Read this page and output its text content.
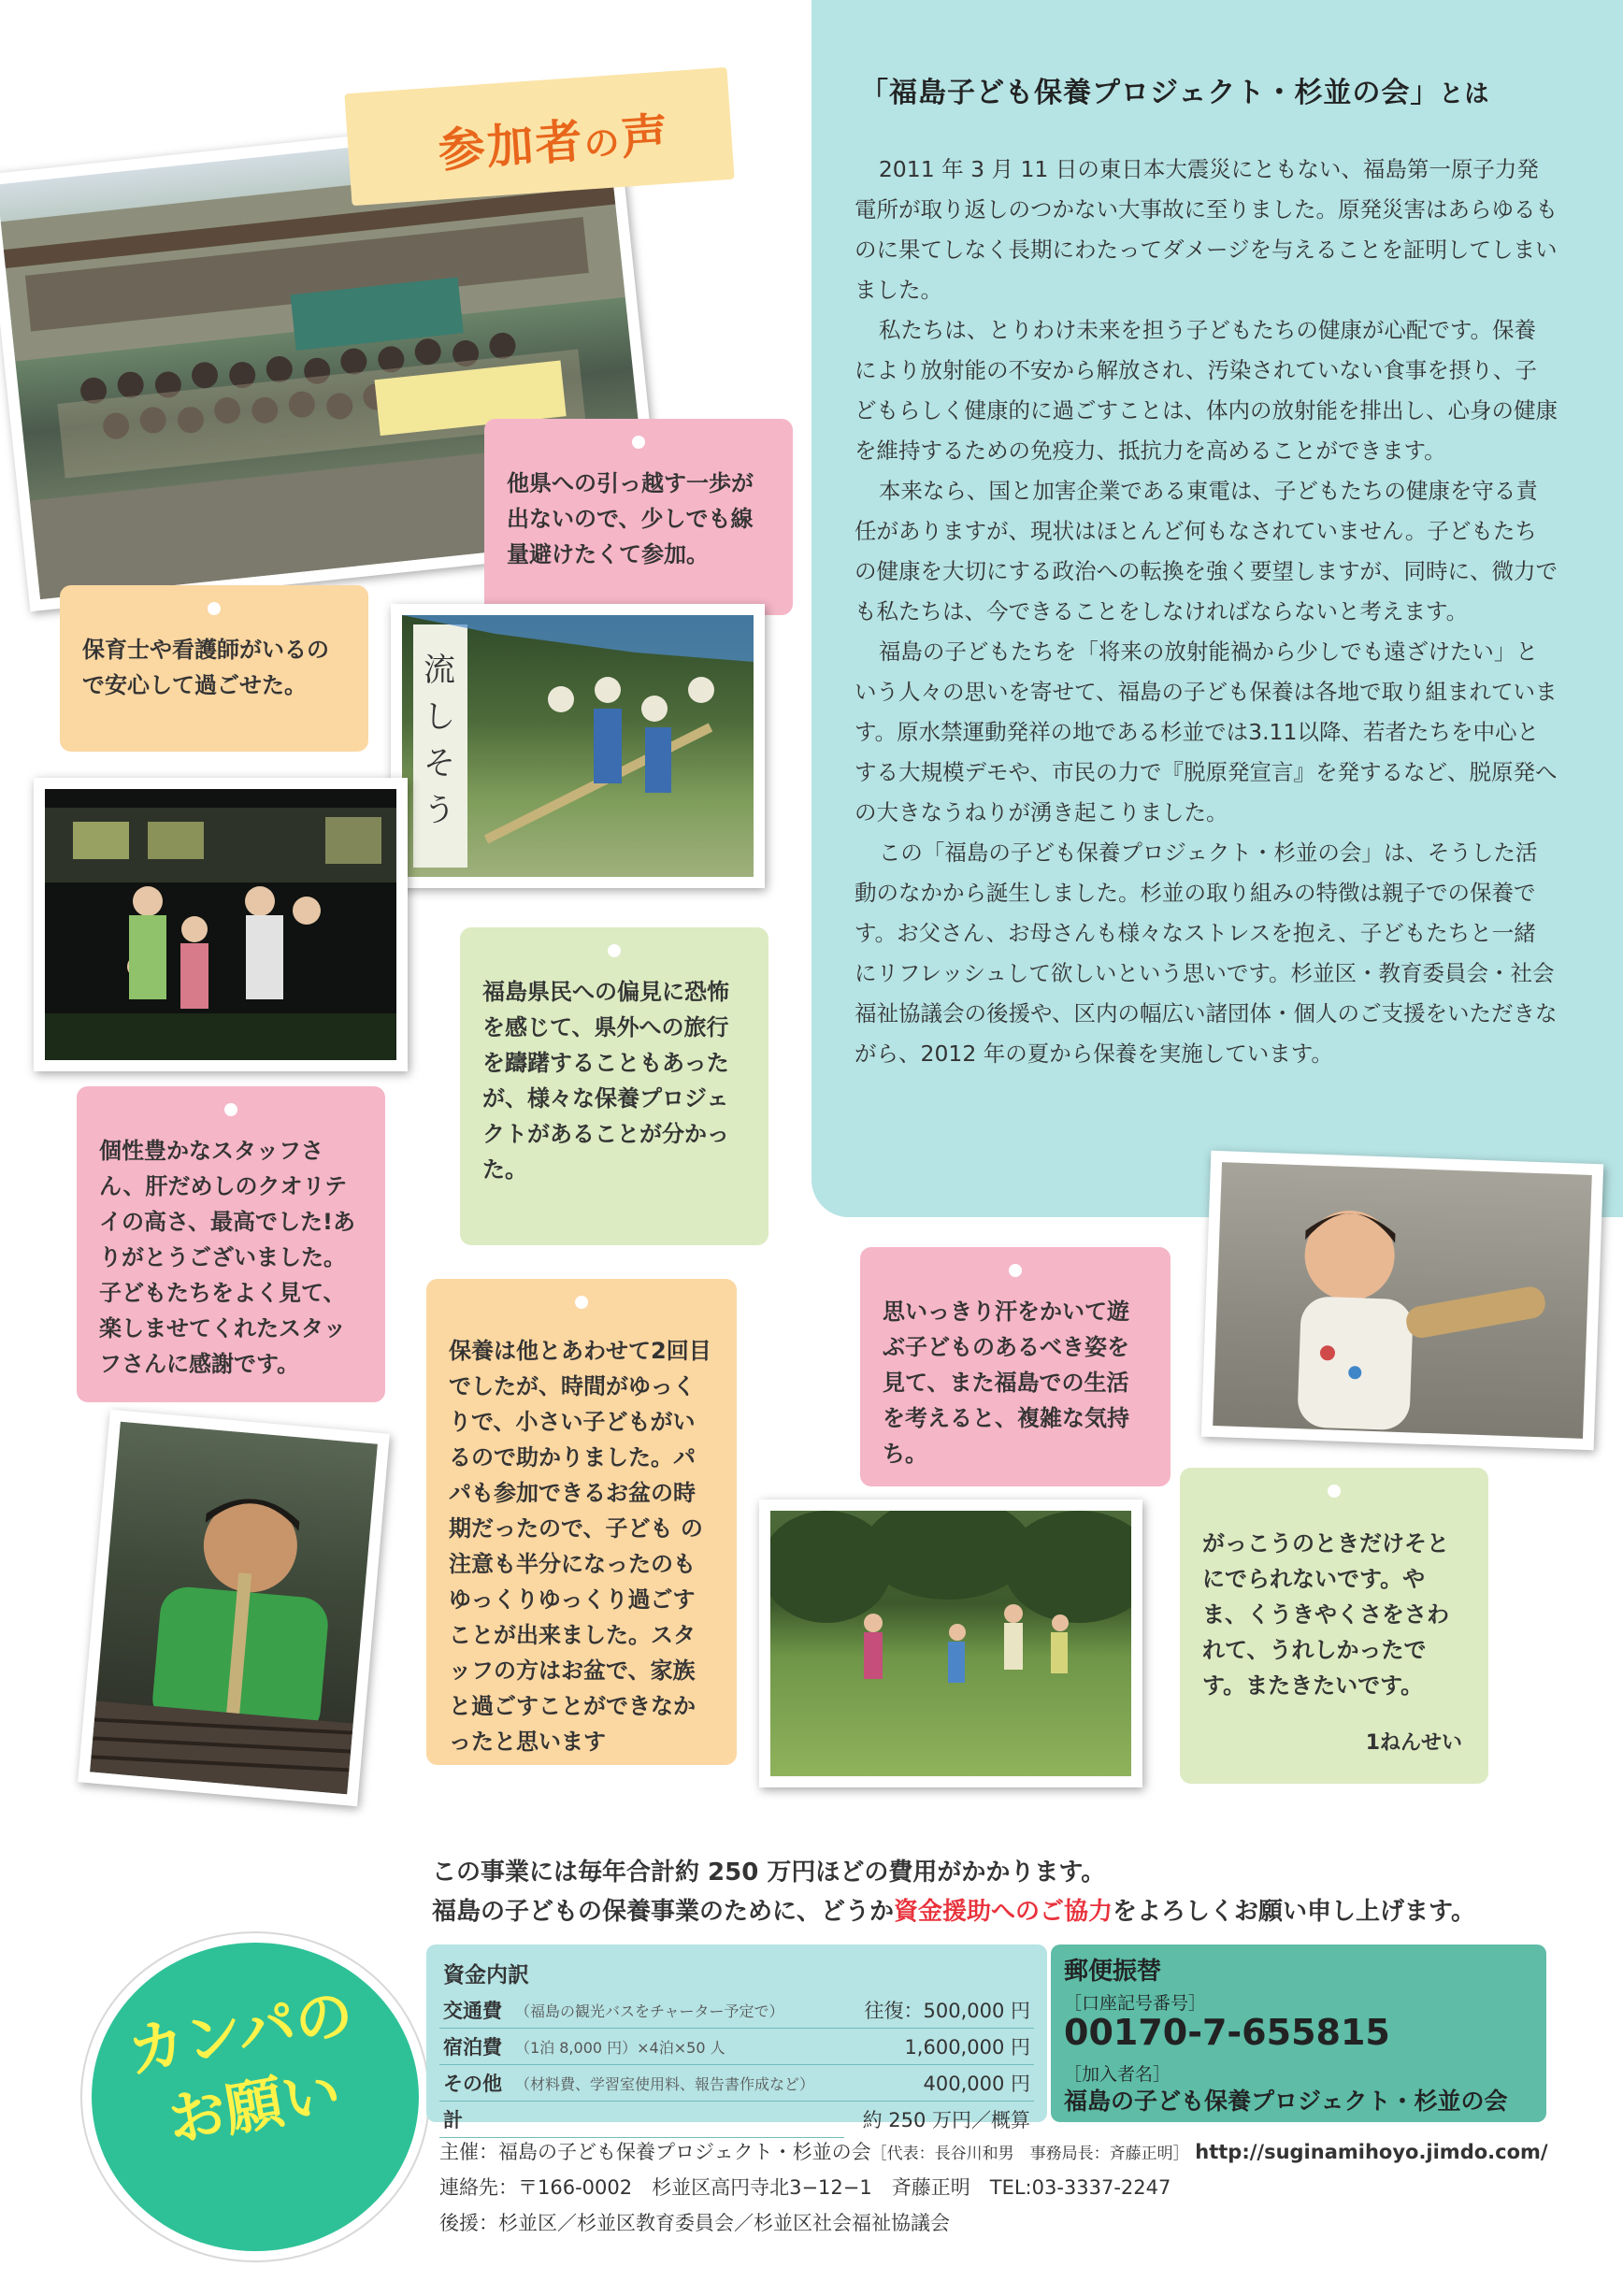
「福島子ども保養プロジェクト・杉並の会」とは

2011 年 3 月 11 日の東日本大震災にともない、福島第一原子力発電所が取り返しのつかない大事故に至りました。原発災害はあらゆるものに果てしなく長期にわたってダメージを与えることを証明してしまいました。

私たちは、とりわけ未来を担う子どもたちの健康が心配です。保養により放射能の不安から解放され、汚染されていない食事を摂り、子どもらしく健康的に過ごすことは、体内の放射能を排出し、心身の健康を維持するための免疫力、抵抗力を高めることができます。

本来なら、国と加害企業である東電は、子どもたちの健康を守る責任がありますが、現状はほとんど何もなされていません。子どもたちの健康を大切にする政治への転換を強く要望しますが、同時に、微力でも私たちは、今できることをしなければならないと考えます。

福島の子どもたちを「将来の放射能禍から少しでも遠ざけたい」という人々の思いを寄せて、福島の子ども保養は各地で取り組まれています。原水禁運動発祥の地である杉並では3.11以降、若者たちを中心とする大規模デモや、市民の力で『脱原発宣言』を発するなど、脱原発への大きなうねりが湧き起こりました。

この「福島の子ども保養プロジェクト・杉並の会」は、そうした活動のなかから誕生しました。杉並の取り組みの特徴は親子での保養です。お父さん、お母さんも様々なストレスを抱え、子どもたちと一緒にリフレッシュして欲しいという思いです。杉並区・教育委員会・社会福祉協議会の後援や、区内の幅広い諸団体・個人のご支援をいただきながら、2012 年の夏から保養を実施しています。

参加者の声
他県への引っ越す一歩が出ないので、少しでも線量避けたくて参加。
保育士や看護師がいるので安心して過ごせた。	流
し
そ
う
福島県民への偏見に恐怖を感じて、県外への旅行を躊躇することもあったが、様々な保養プロジェクトがあることが分かった。
個性豊かなスタッフさん、肝だめしのクオリテイの高さ、最高でした!ありがとうございました。子どもたちをよく見て、楽しませてくれたスタッフさんに感謝です。	保養は他とあわせて2回目でしたが、時間がゆっくりで、小さい子どもがいるので助かりました。パパも参加できるお盆の時期だったので、子ども の注意も半分になったのもゆっくりゆっくり過ごすことが出来ました。スタッフの方はお盆で、家族と過ごすことができなかったと思います
思いっきり汗をかいて遊ぶ子どものあるべき姿を見て、また福島での生活を考えると、複雑な気持ち。
がっこうのときだけそとにでられないです。やま、くうきやくさをさわれて、うれしかったです。またきたいです。
1ねんせい
この事業には毎年合計約 250 万円ほどの費用がかかります。
福島の子どもの保養事業のために、どうか資金援助へのご協力をよろしくお願い申し上げます。
カンパの
お願い
資金内訳		
交通費	（福島の観光バスをチャーター予定で）	往復：500,000 円
宿泊費	（1泊 8,000 円）×4泊×50 人	1,600,000 円
その他	（材料費、学習室使用料、報告書作成など）	400,000 円
計		約 250 万円／概算
郵便振替
［口座記号番号］
00170-7-655815
［加入者名］
福島の子ども保養プロジェクト・杉並の会
主催：福島の子ども保養プロジェクト・杉並の会［代表：長谷川和男　事務局長：斉藤正明］ http://suginamihoyo.jimdo.com/
連絡先：〒166-0002　杉並区高円寺北3−12−1　斉藤正明　TEL:03-3337-2247
後援：杉並区／杉並区教育委員会／杉並区社会福祉協議会
